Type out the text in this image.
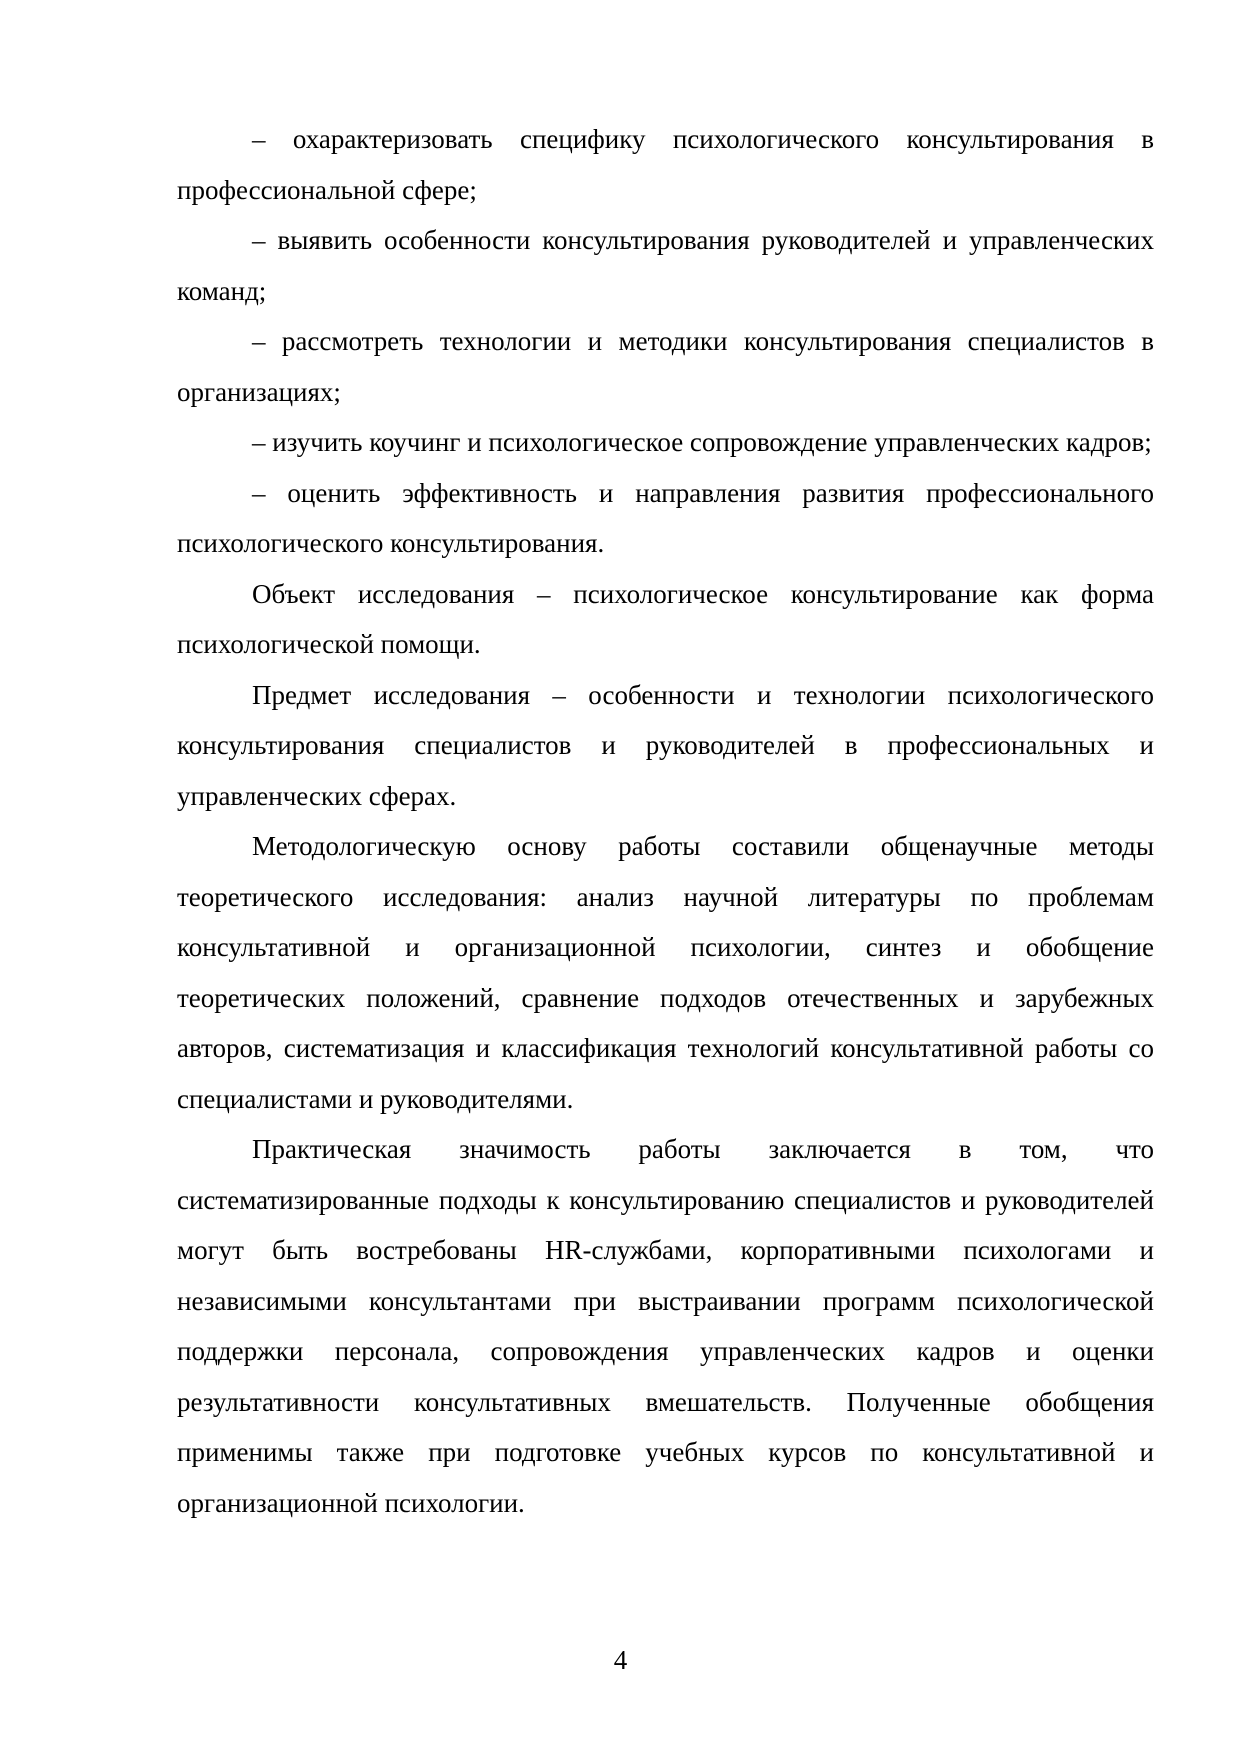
– охарактеризовать специфику психологического консультирования в профессиональной сфере;

– выявить особенности консультирования руководителей и управленческих команд;

– рассмотреть технологии и методики консультирования специалистов в организациях;

– изучить коучинг и психологическое сопровождение управленческих кадров;

– оценить эффективность и направления развития профессионального психологического консультирования.

Объект исследования – психологическое консультирование как форма психологической помощи.

Предмет исследования – особенности и технологии психологического консультирования специалистов и руководителей в профессиональных и управленческих сферах.

Методологическую основу работы составили общенаучные методы теоретического исследования: анализ научной литературы по проблемам консультативной и организационной психологии, синтез и обобщение теоретических положений, сравнение подходов отечественных и зарубежных авторов, систематизация и классификация технологий консультативной работы со специалистами и руководителями.

Практическая значимость работы заключается в том, что систематизированные подходы к консультированию специалистов и руководителей могут быть востребованы HR-службами, корпоративными психологами и независимыми консультантами при выстраивании программ психологической поддержки персонала, сопровождения управленческих кадров и оценки результативности консультативных вмешательств. Полученные обобщения применимы также при подготовке учебных курсов по консультативной и организационной психологии.

4
